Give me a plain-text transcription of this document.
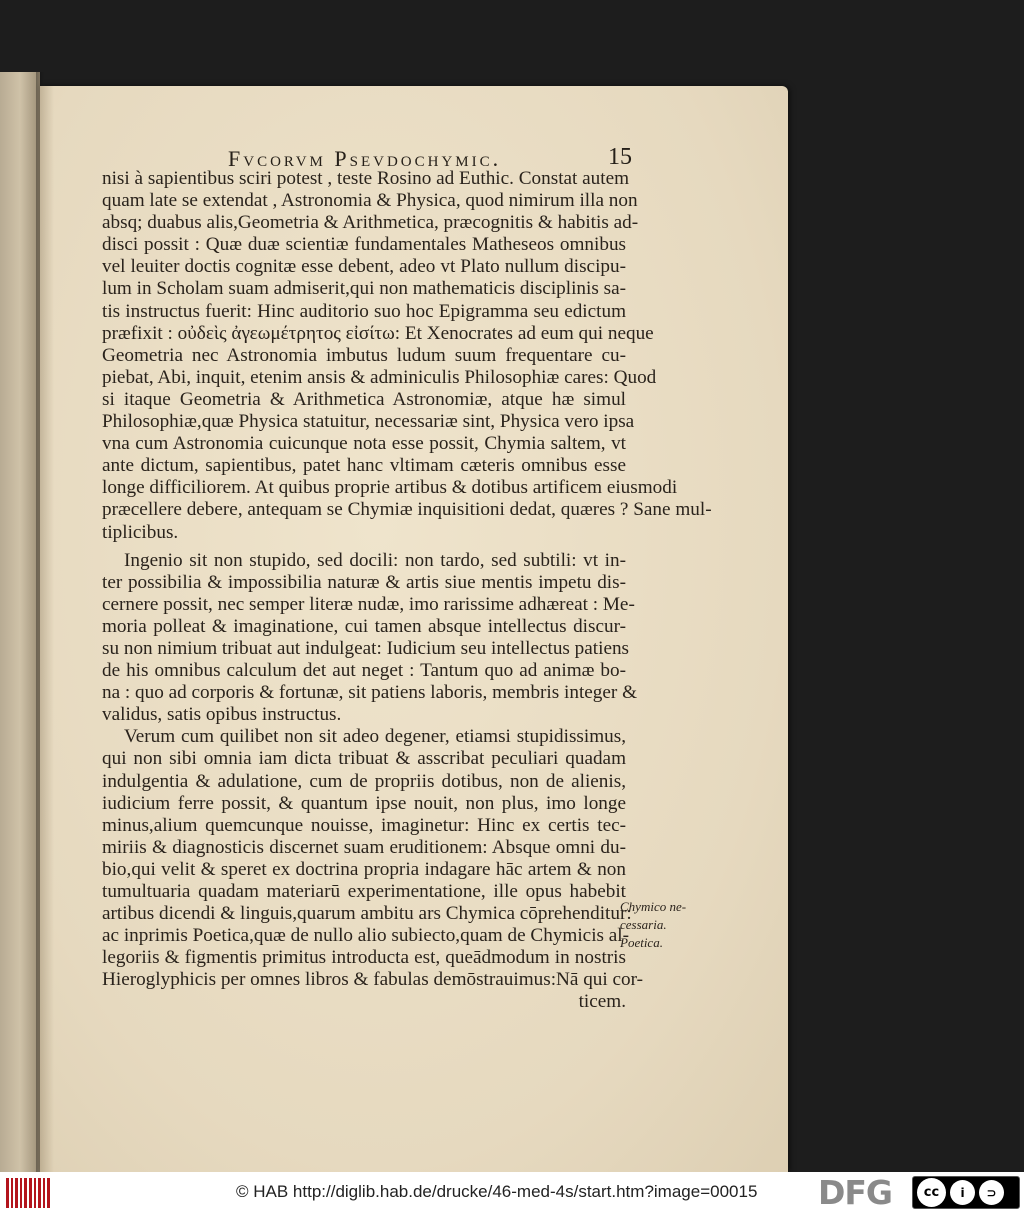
Fvcorvm Psevdochymic.	15
nisi à sapientibus sciri potest , teste Rosino ad Euthic. Constat autem
quam late se extendat , Astronomia & Physica, quod nimirum illa non
absq; duabus alis,Geometria & Arithmetica, præcognitis & habitis ad-
disci possit : Quæ duæ scientiæ fundamentales Matheseos omnibus
vel leuiter doctis cognitæ esse debent, adeo vt Plato nullum discipu-
lum in Scholam suam admiserit,qui non mathematicis disciplinis sa-
tis instructus fuerit: Hinc auditorio suo hoc Epigramma seu edictum
præfixit : οὐδεὶς ἀγεωμέτρητος εἰσίτω: Et Xenocrates ad eum qui neque
Geometria nec Astronomia imbutus ludum suum frequentare cu-
piebat, Abi, inquit, etenim ansis & adminiculis Philosophiæ cares: Quod
si itaque Geometria & Arithmetica Astronomiæ, atque hæ simul
Philosophiæ,quæ Physica statuitur, necessariæ sint, Physica vero ipsa
vna cum Astronomia cuicunque nota esse possit, Chymia saltem, vt
ante dictum, sapientibus, patet hanc vltimam cæteris omnibus esse
longe difficiliorem. At quibus proprie artibus & dotibus artificem eiusmodi
præcellere debere, antequam se Chymiæ inquisitioni dedat, quæres ? Sane mul-
tiplicibus.
Ingenio sit non stupido, sed docili: non tardo, sed subtili: vt in-
ter possibilia & impossibilia naturæ & artis siue mentis impetu dis-
cernere possit, nec semper literæ nudæ, imo rarissime adhæreat : Me-
moria polleat & imaginatione, cui tamen absque intellectus discur-
su non nimium tribuat aut indulgeat: Iudicium seu intellectus patiens
de his omnibus calculum det aut neget : Tantum quo ad animæ bo-
na : quo ad corporis & fortunæ, sit patiens laboris, membris integer &
validus, satis opibus instructus.
Verum cum quilibet non sit adeo degener, etiamsi stupidissimus,
qui non sibi omnia iam dicta tribuat & asscribat peculiari quadam
indulgentia & adulatione, cum de propriis dotibus, non de alienis,
iudicium ferre possit, & quantum ipse nouit, non plus, imo longe
minus,alium quemcunque nouisse, imaginetur: Hinc ex certis tec-
miriis & diagnosticis discernet suam eruditionem: Absque omni du-
bio,qui velit & speret ex doctrina propria indagare hāc artem & non
tumultuaria quadam materiarū experimentatione, ille opus habebit
artibus dicendi & linguis,quarum ambitu ars Chymica cōprehenditur:
ac inprimis Poetica,quæ de nullo alio subiecto,quam de Chymicis al-
legoriis & figmentis primitus introducta est, queādmodum in nostris
Hieroglyphicis per omnes libros & fabulas demōstrauimus:Nā qui cor-
ticem.
Chymico ne-
cessaria.
Poetica.
© HAB http://diglib.hab.de/drucke/46-med-4s/start.htm?image=00015 DFG	cc	i	⊃
